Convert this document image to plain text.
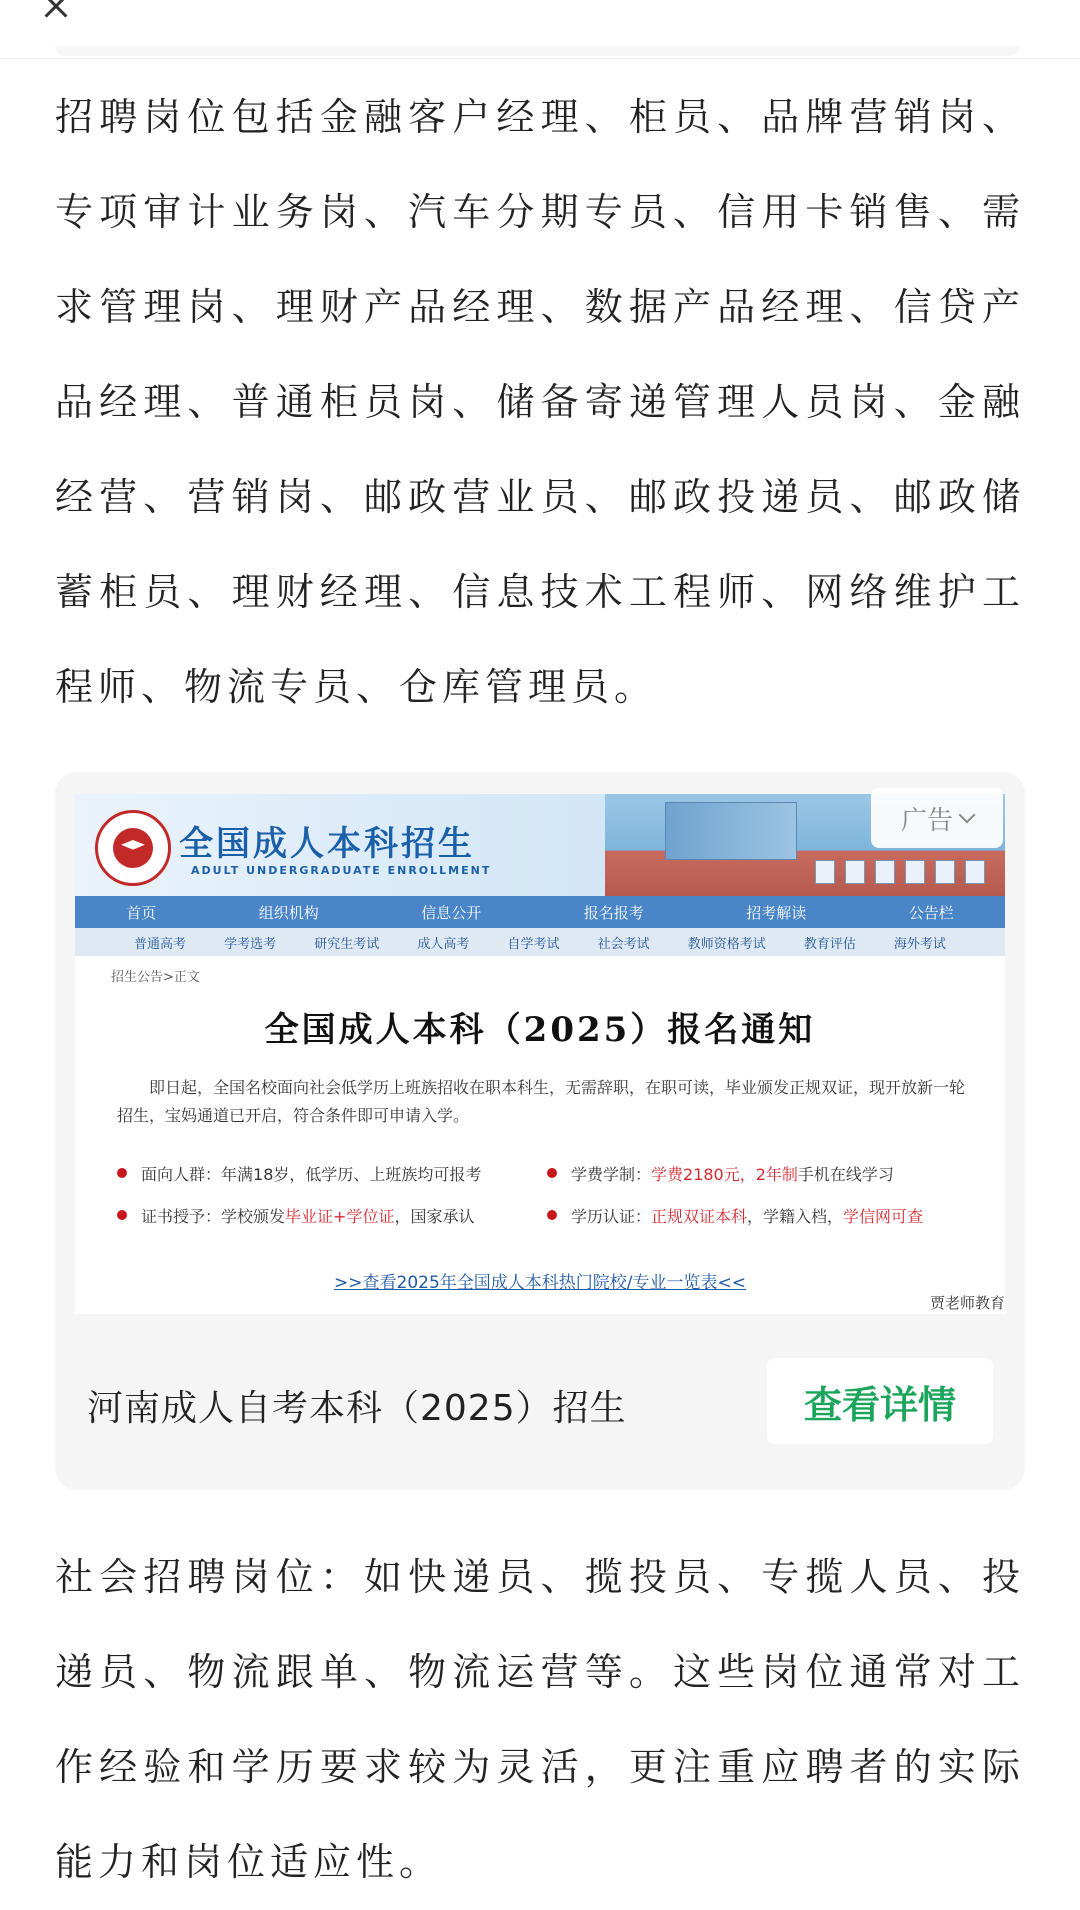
招聘岗位包括金融客户经理、柜员、品牌营销岗、专项审计业务岗、汽车分期专员、信用卡销售、需求管理岗、理财产品经理、数据产品经理、信贷产品经理、普通柜员岗、储备寄递管理人员岗、金融经营、营销岗、邮政营业员、邮政投递员、邮政储蓄柜员、理财经理、信息技术工程师、网络维护工程师、物流专员、仓库管理员。

全国成人本科招生
ADULT UNDERGRADUATE ENROLLMENT
首页	组织机构	信息公开	报名报考	招考解读	公告栏
普通高考	学考选考	研究生考试	成人高考	自学考试	社会考试	教师资格考试	教育评估	海外考试
招生公告>正文
全国成人本科（2025）报名通知
即日起，全国名校面向社会低学历上班族招收在职本科生，无需辞职，在职可读，毕业颁发正规双证，现开放新一轮招生，宝妈通道已开启，符合条件即可申请入学。
面向人群：年满18岁，低学历、上班族均可报考	学费学制：学费2180元，2年制手机在线学习
证书授予：学校颁发毕业证+学位证，国家承认	学历认证：正规双证本科，学籍入档，学信网可查
>>查看2025年全国成人本科热门院校/专业一览表<<
贾老师教育
广告
河南成人自考本科（2025）招生	查看详情

社会招聘岗位：如快递员、揽投员、专揽人员、投递员、物流跟单、物流运营等。这些岗位通常对工作经验和学历要求较为灵活，更注重应聘者的实际能力和岗位适应性。
